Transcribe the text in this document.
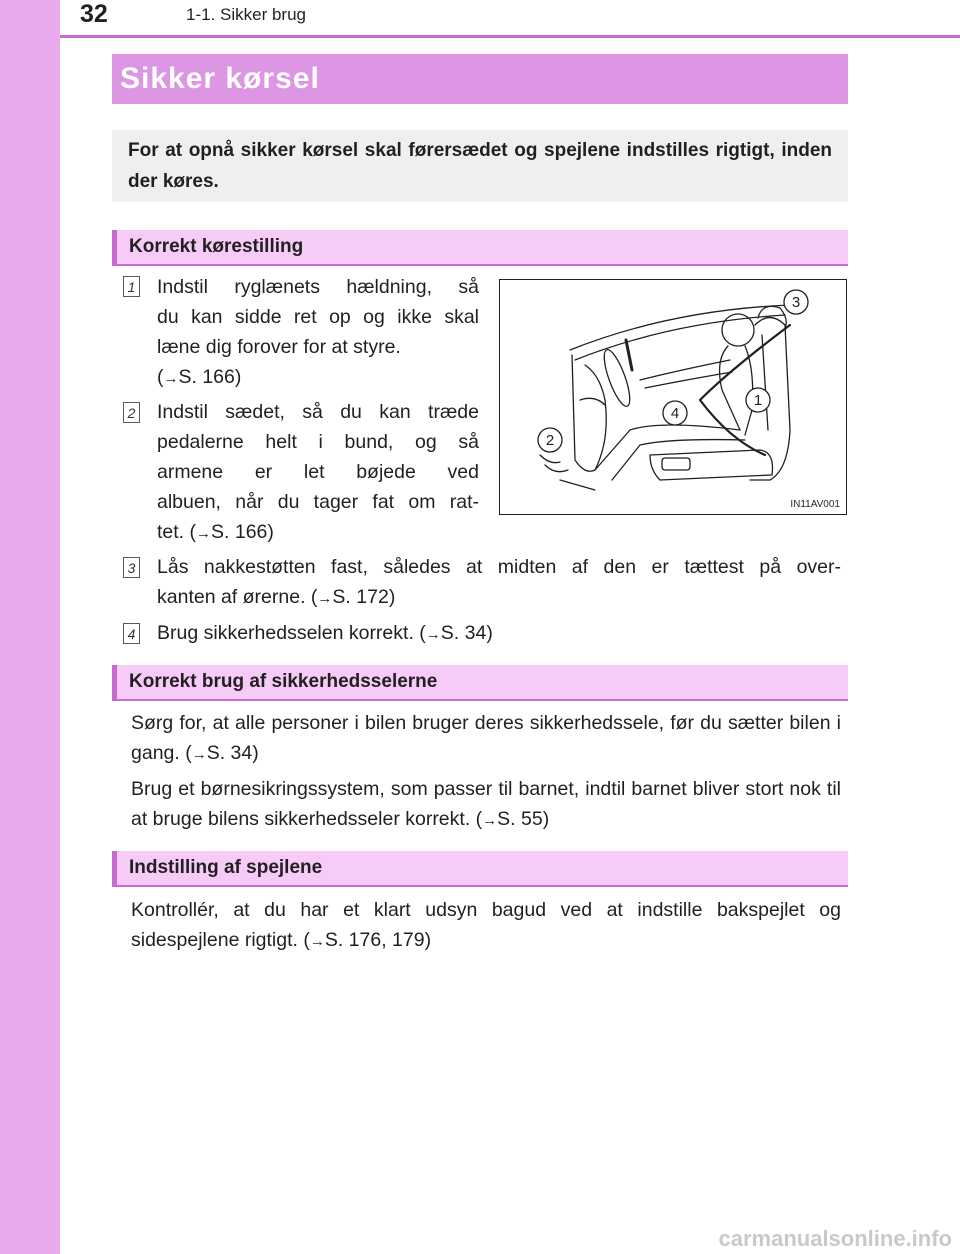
32	1-1. Sikker brug
Sikker kørsel
For at opnå sikker kørsel skal førersædet og spejlene indstilles rigtigt, inden der køres.
Korrekt kørestilling
1 Indstil ryglænets hældning, så
du kan sidde ret op og ikke skal
læne dig forover for at styre.
(→S. 166)
2 Indstil sædet, så du kan træde
pedalerne helt i bund, og så
armene er let bøjede ved
albuen, når du tager fat om rat-
tet. (→S. 166)
1
2
3
4
IN11AV001
3 Lås nakkestøtten fast, således at midten af den er tættest på over-
kanten af ørerne. (→S. 172)
4 Brug sikkerhedsselen korrekt. (→S. 34)
Korrekt brug af sikkerhedsselerne
Sørg for, at alle personer i bilen bruger deres sikkerhedssele, før du sætter bilen i gang. (→S. 34)
Brug et børnesikringssystem, som passer til barnet, indtil barnet bliver stort nok til at bruge bilens sikkerhedsseler korrekt. (→S. 55)
Indstilling af spejlene
Kontrollér, at du har et klart udsyn bagud ved at indstille bakspejlet og sidespejlene rigtigt. (→S. 176, 179)
carmanualsonline.info
